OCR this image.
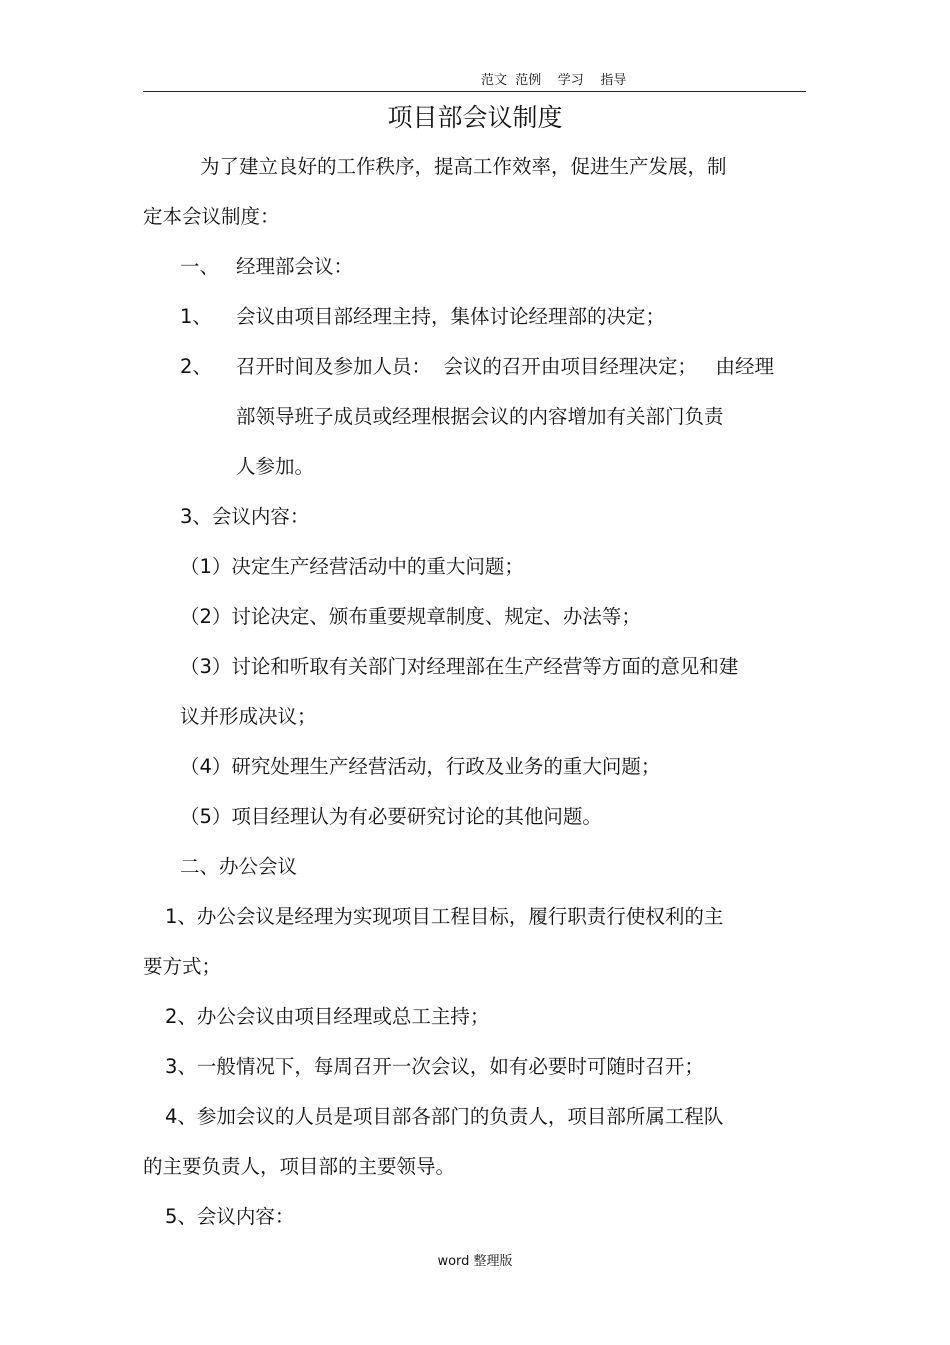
范文  范例    学习    指导
项目部会议制度
为了建立良好的工作秩序，提高工作效率，促进生产发展，制
定本会议制度：
一、 经理部会议：
1、 会议由项目部经理主持，集体讨论经理部的决定；
2、 召开时间及参加人员：  会议的召开由项目经理决定；   由经理
部领导班子成员或经理根据会议的内容增加有关部门负责
人参加。
3、会议内容：
（1）决定生产经营活动中的重大问题；
（2）讨论决定、颁布重要规章制度、规定、办法等；
（3）讨论和听取有关部门对经理部在生产经营等方面的意见和建
议并形成决议；
（4）研究处理生产经营活动，行政及业务的重大问题；
（5）项目经理认为有必要研究讨论的其他问题。
二、办公会议
1、办公会议是经理为实现项目工程目标，履行职责行使权利的主
要方式；
2、办公会议由项目经理或总工主持；
3、一般情况下，每周召开一次会议，如有必要时可随时召开；
4、参加会议的人员是项目部各部门的负责人，项目部所属工程队
的主要负责人，项目部的主要领导。
5、会议内容：
word 整理版
